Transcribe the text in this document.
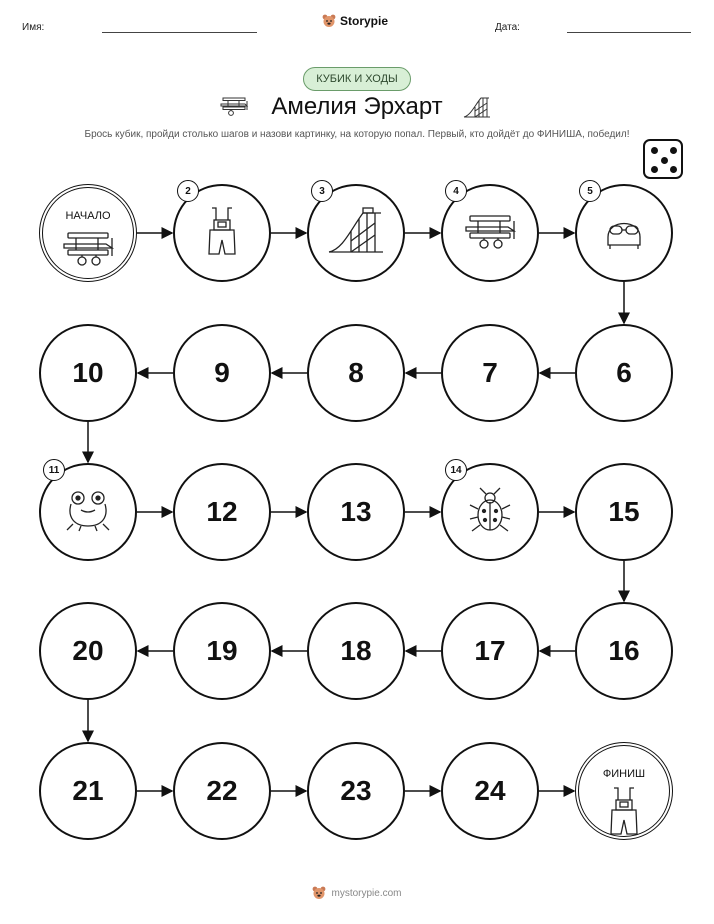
Имя:	Storypie	Дата:
КУБИК И ХОДЫ
Амелия Эрхарт
Брось кубик, пройди столько шагов и назови картинку, на которую попал. Первый, кто дойдёт до ФИНИША, победил!
НАЧАЛО
2	3	4	5
6
7
8
9
10
11
12	13
14
15
16
17
18
19
20
21	22	23	24
ФИНИШ
mystorypie.com
